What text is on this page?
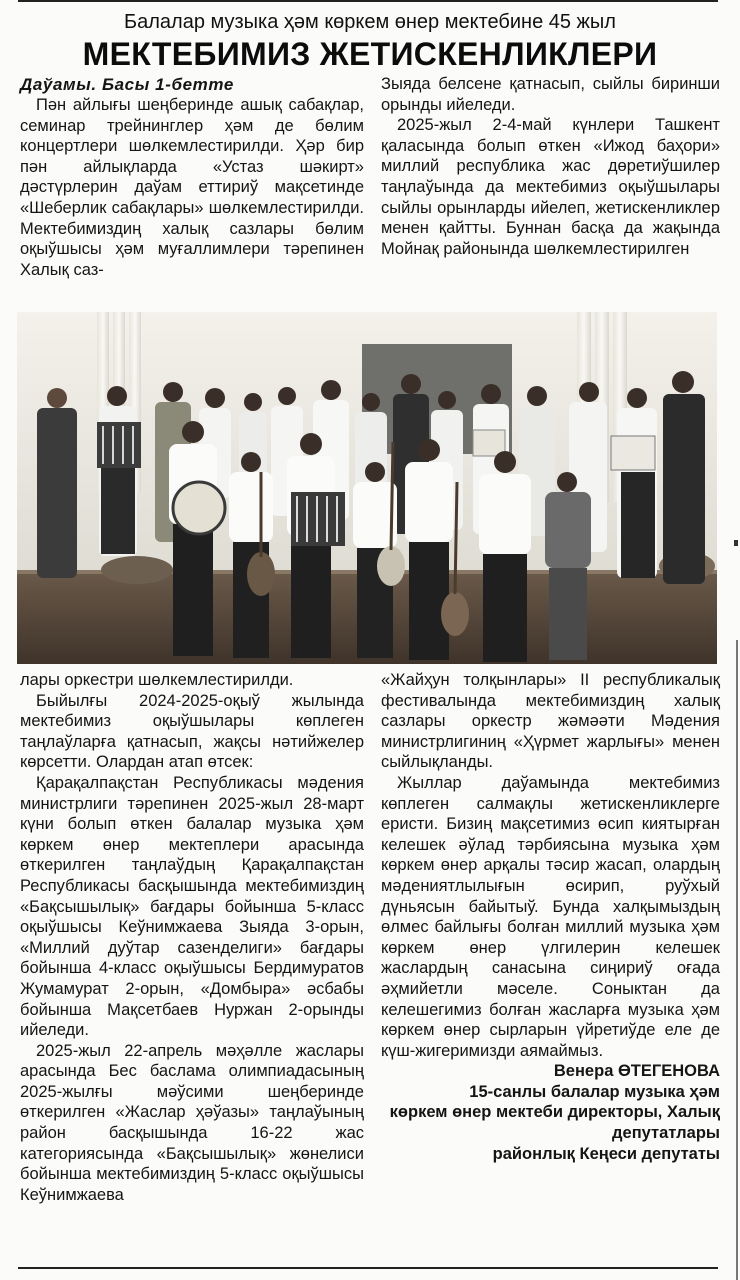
Балалар музыка ҳәм көркем өнер мектебине 45 жыл
МЕКТЕБИМИЗ ЖЕТИСКЕНЛИКЛЕРИ
Даўамы. Басы 1-бетте

Пән айлығы шеңберинде ашық сабақлар, семинар трейнинглер ҳәм де бөлим концертлери шөлкемлестирилди. Ҳәр бир пән айлықларда «Устаз шәкирт» дәстүрлерин даўам еттириў мақсетинде «Шеберлик сабақлары» шөлкемлестирилди. Мектебимиздиң халық сазлары бөлим оқыўшысы ҳәм муғаллимлери тәрепинен Халық саз-

Зыяда белсене қатнасып, сыйлы биринши орынды ийеледи.

2025-жыл 2-4-май күнлери Ташкент қаласында болып өткен «Ижод баҳори» миллий республика жас дөретиўшилер таңлаўында да мектебимиз оқыўшылары сыйлы орынларды ийелеп, жетискенликлер менен қайтты. Буннан басқа да жақында Мойнақ районында шөлкемлестирилген

лары оркестри шөлкемлестирилди.

Быйылғы 2024-2025-оқыў жылында мектебимиз оқыўшылары көплеген таңлаўларға қатнасып, жақсы нәтийжелер көрсетти. Олардан атап өтсек:

Қарақалпақстан Республикасы мәдения министрлиги тәрепинен 2025-жыл 28-март күни болып өткен балалар музыка ҳәм көркем өнер мектеплери арасында өткерилген таңлаўдың Қарақалпақстан Республикасы басқышында мектебимиздиң «Бақсышылық» бағдары бойынша 5-класс оқыўшысы Кеўнимжаева Зыяда 3-орын, «Миллий дуўтар сазенделиги» бағдары бойынша 4-класс оқыўшысы Бердимуратов Жумамурат 2-орын, «Домбыра» әсбабы бойынша Мақсетбаев Нуржан 2-орынды ийеледи.

2025-жыл 22-апрель мәҳәлле жаслары арасында Бес басламa олимпиадасының 2025-жылғы мәўсими шеңберинде өткерилген «Жаслар ҳәўазы» таңлаўының район басқышында 16-22 жас категориясында «Бақсышылық» жөнелиси бойынша мектебимиздиң 5-класс оқыўшысы Кеўнимжаева

«Жайҳун толқынлары» II республикалық фестивалында мектебимиздиң халық сазлары оркестр жәмәәти Мәдения министрлигиниң «Ҳүрмет жарлығы» менен сыйлықланды.

Жыллар даўамында мектебимиз көплеген салмақлы жетискенликлерге еристи. Бизиң мақсетимиз өсип киятырған келешек әўлад тәрбиясына музыка ҳәм көркем өнер арқалы тәсир жасап, олардың мәдениятлылығын өсирип, руўхый дүньясын байытыў. Бунда халқымыздың өлмес байлығы болған миллий музыка ҳәм көркем өнер үлгилерин келешек жаслардың санасына сиңириў оғада әҳмийетли мәселе. Соныктан да келешегимиз болған жасларға музыка ҳәм көркем өнер сырларын үйретиўде еле де күш-жигеримизди аямаймыз.

Венера ӨТЕГЕНОВА
15-санлы балалар музыка ҳәм
көркем өнер мектеби директоры, Халық депутатлары
районлық Кеңеси депутаты
